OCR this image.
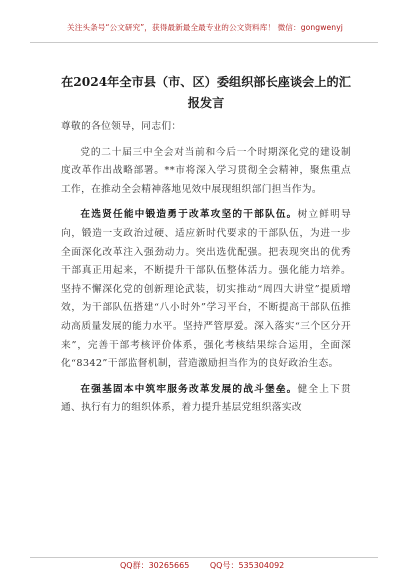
关注头条号“公文研究”，获得最新最全最专业的公文资料库！ 微信：gongwenyj
在2024年全市县（市、区）委组织部长座谈会上的汇报发言

尊敬的各位领导，同志们：

党的二十届三中全会对当前和今后一个时期深化党的建设制度改革作出战略部署。**市将深入学习贯彻全会精神，聚焦重点工作，在推动全会精神落地见效中展现组织部门担当作为。

在选贤任能中锻造勇于改革攻坚的干部队伍。树立鲜明导向，锻造一支政治过硬、适应新时代要求的干部队伍，为进一步全面深化改革注入强劲动力。突出选优配强。把表现突出的优秀干部真正用起来，不断提升干部队伍整体活力。强化能力培养。坚持不懈深化党的创新理论武装，切实推动“周四大讲堂”提质增效，为干部队伍搭建“八小时外”学习平台，不断提高干部队伍推动高质量发展的能力水平。坚持严管厚爱。深入落实“三个区分开来”，完善干部考核评价体系，强化考核结果综合运用，全面深化“8342”干部监督机制，营造激励担当作为的良好政治生态。

在强基固本中筑牢服务改革发展的战斗堡垒。健全上下贯通、执行有力的组织体系，着力提升基层党组织落实改

QQ群：30265665	QQ号：535304092
